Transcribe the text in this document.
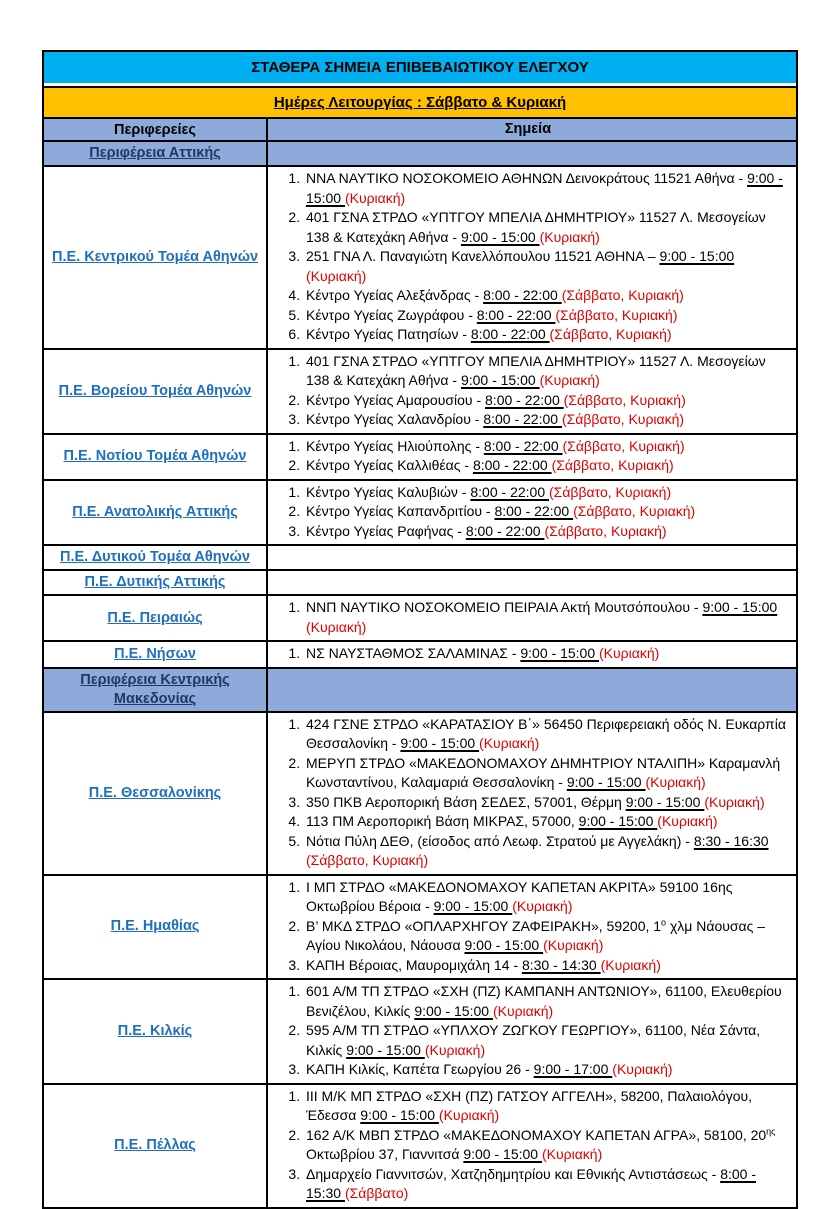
ΣΤΑΘΕΡΑ ΣΗΜΕΙΑ ΕΠΙΒΕΒΑΙΩΤΙΚΟΥ ΕΛΕΓΧΟΥ
Ημέρες Λειτουργίας : Σάββατο & Κυριακή
Περιφερείες	Σημεία
Περιφέρεια Αττικής
Π.Ε. Κεντρικού Τομέα Αθηνών
1. ΝΝΑ ΝΑΥΤΙΚΟ ΝΟΣΟΚΟΜΕΙΟ ΑΘΗΝΩΝ Δεινοκράτους 11521 Αθήνα - 9:00 - 15:00 (Κυριακή)
2. 401 ΓΣΝΑ ΣΤΡΔΟ «ΥΠΤΓΟΥ ΜΠΕΛΙΑ ΔΗΜΗΤΡΙΟΥ» 11527 Λ. Μεσογείων 138 & Κατεχάκη Αθήνα - 9:00 - 15:00 (Κυριακή)
3. 251 ΓΝΑ Λ. Παναγιώτη Κανελλόπουλου 11521 ΑΘΗΝΑ – 9:00 - 15:00 (Κυριακή)
4. Κέντρο Υγείας Αλεξάνδρας - 8:00 - 22:00 (Σάββατο, Κυριακή)
5. Κέντρο Υγείας Ζωγράφου - 8:00 - 22:00 (Σάββατο, Κυριακή)
6. Κέντρο Υγείας Πατησίων - 8:00 - 22:00 (Σάββατο, Κυριακή)
Π.Ε. Βορείου Τομέα Αθηνών
1. 401 ΓΣΝΑ ΣΤΡΔΟ «ΥΠΤΓΟΥ ΜΠΕΛΙΑ ΔΗΜΗΤΡΙΟΥ» 11527 Λ. Μεσογείων 138 & Κατεχάκη Αθήνα - 9:00 - 15:00 (Κυριακή)
2. Κέντρο Υγείας Αμαρουσίου - 8:00 - 22:00 (Σάββατο, Κυριακή)
3. Κέντρο Υγείας Χαλανδρίου - 8:00 - 22:00 (Σάββατο, Κυριακή)
Π.Ε. Νοτίου Τομέα Αθηνών
1. Κέντρο Υγείας Ηλιούπολης - 8:00 - 22:00 (Σάββατο, Κυριακή)
2. Κέντρο Υγείας Καλλιθέας - 8:00 - 22:00 (Σάββατο, Κυριακή)
Π.Ε. Ανατολικής Αττικής
1. Κέντρο Υγείας Καλυβιών - 8:00 - 22:00 (Σάββατο, Κυριακή)
2. Κέντρο Υγείας Καπανδριτίου - 8:00 - 22:00 (Σάββατο, Κυριακή)
3. Κέντρο Υγείας Ραφήνας - 8:00 - 22:00 (Σάββατο, Κυριακή)
Π.Ε. Δυτικού Τομέα Αθηνών
Π.Ε. Δυτικής Αττικής
Π.Ε. Πειραιώς
1. ΝΝΠ ΝΑΥΤΙΚΟ ΝΟΣΟΚΟΜΕΙΟ ΠΕΙΡΑΙΑ Ακτή Μουτσόπουλου - 9:00 - 15:00 (Κυριακή)
Π.Ε. Νήσων	1. ΝΣ ΝΑΥΣΤΑΘΜΟΣ ΣΑΛΑΜΙΝΑΣ - 9:00 - 15:00 (Κυριακή)
Περιφέρεια Κεντρικής Μακεδονίας
Π.Ε. Θεσσαλονίκης
1. 424 ΓΣΝΕ ΣΤΡΔΟ «ΚΑΡΑΤΑΣΙΟΥ Β΄» 56450 Περιφερειακή οδός Ν. Ευκαρπία Θεσσαλονίκη - 9:00 - 15:00 (Κυριακή)
2. ΜΕΡΥΠ ΣΤΡΔΟ «ΜΑΚΕΔΟΝΟΜΑΧΟΥ ΔΗΜΗΤΡΙΟΥ ΝΤΑΛΙΠΗ» Καραμανλή Κωνσταντίνου, Καλαμαριά Θεσσαλονίκη - 9:00 - 15:00 (Κυριακή)
3. 350 ΠΚΒ Αεροπορική Βάση ΣΕΔΕΣ, 57001, Θέρμη 9:00 - 15:00 (Κυριακή)
4. 113 ΠΜ Αεροπορική Βάση ΜΙΚΡΑΣ, 57000, 9:00 - 15:00 (Κυριακή)
5. Νότια Πύλη ΔΕΘ, (είσοδος από Λεωφ. Στρατού με Αγγελάκη) - 8:30 - 16:30 (Σάββατο, Κυριακή)
Π.Ε. Ημαθίας
1. Ι ΜΠ ΣΤΡΔΟ «ΜΑΚΕΔΟΝΟΜΑΧΟΥ ΚΑΠΕΤΑΝ ΑΚΡΙΤΑ» 59100 16ης Οκτωβρίου Βέροια - 9:00 - 15:00 (Κυριακή)
2. Β’ ΜΚΔ ΣΤΡΔΟ «ΟΠΛΑΡΧΗΓΟΥ ΖΑΦΕΙΡΑΚΗ», 59200, $1^o$ χλμ Νάουσας – Αγίου Νικολάου, Νάουσα 9:00 - 15:00 (Κυριακή)
3. ΚΑΠΗ Βέροιας, Μαυρομιχάλη 14 - 8:30 - 14:30 (Κυριακή)
Π.Ε. Κιλκίς
1. 601 Α/Μ ΤΠ ΣΤΡΔΟ «ΣΧΗ (ΠΖ) ΚΑΜΠΑΝΗ ΑΝΤΩΝΙΟΥ», 61100, Ελευθερίου Βενιζέλου, Κιλκίς 9:00 - 15:00 (Κυριακή)
2. 595 Α/Μ ΤΠ ΣΤΡΔΟ «ΥΠΛΧΟΥ ΖΩΓΚΟΥ ΓΕΩΡΓΙΟΥ», 61100, Νέα Σάντα, Κιλκίς 9:00 - 15:00 (Κυριακή)
3. ΚΑΠΗ Κιλκίς, Καπέτα Γεωργίου 26 - 9:00 - 17:00 (Κυριακή)
Π.Ε. Πέλλας
1. ΙΙΙ Μ/Κ ΜΠ ΣΤΡΔΟ «ΣΧΗ (ΠΖ) ΓΑΤΣΟΥ ΑΓΓΕΛΗ», 58200, Παλαιολόγου, Έδεσσα 9:00 - 15:00 (Κυριακή)
2. 162 Α/Κ ΜΒΠ ΣΤΡΔΟ «ΜΑΚΕΔΟΝΟΜΑΧΟΥ ΚΑΠΕΤΑΝ ΑΓΡΑ», 58100, $20^{\eta\varsigma}$ Οκτωβρίου 37, Γιαννιτσά 9:00 - 15:00 (Κυριακή)
3. Δημαρχείο Γιαννιτσών, Χατζηδημητρίου και Εθνικής Αντιστάσεως - 8:00 - 15:30 (Σάββατο)
